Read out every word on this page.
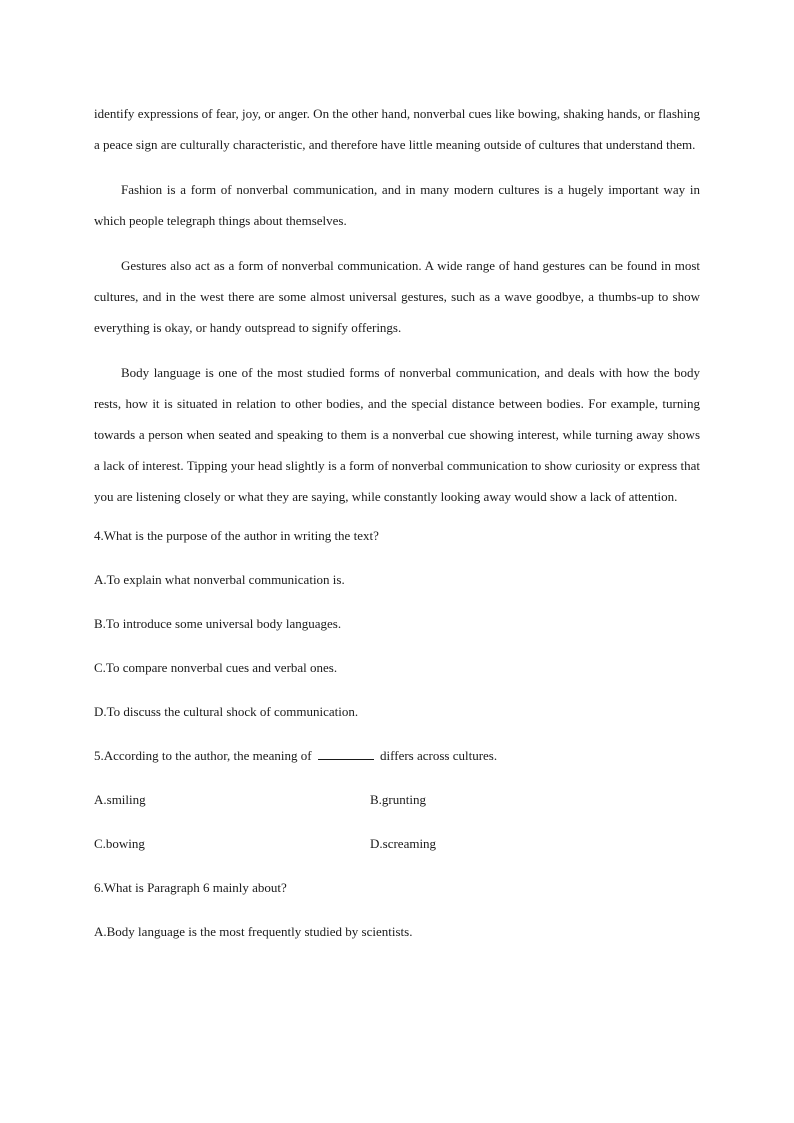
identify expressions of fear, joy, or anger. On the other hand, nonverbal cues like bowing, shaking hands, or flashing a peace sign are culturally characteristic, and therefore have little meaning outside of cultures that understand them.

Fashion is a form of nonverbal communication, and in many modern cultures is a hugely important way in which people telegraph things about themselves.

Gestures also act as a form of nonverbal communication. A wide range of hand gestures can be found in most cultures, and in the west there are some almost universal gestures, such as a wave goodbye, a thumbs-up to show everything is okay, or handy outspread to signify offerings.

Body language is one of the most studied forms of nonverbal communication, and deals with how the body rests, how it is situated in relation to other bodies, and the special distance between bodies. For example, turning towards a person when seated and speaking to them is a nonverbal cue showing interest, while turning away shows a lack of interest. Tipping your head slightly is a form of nonverbal communication to show curiosity or express that you are listening closely or what they are saying, while constantly looking away would show a lack of attention.

4.What is the purpose of the author in writing the text?

A.To explain what nonverbal communication is.

B.To introduce some universal body languages.

C.To compare nonverbal cues and verbal ones.

D.To discuss the cultural shock of communication.

5.According to the author, the meaning of	differs across cultures.

A.smiling	B.grunting
C.bowing	D.screaming

6.What is Paragraph 6 mainly about?

A.Body language is the most frequently studied by scientists.
